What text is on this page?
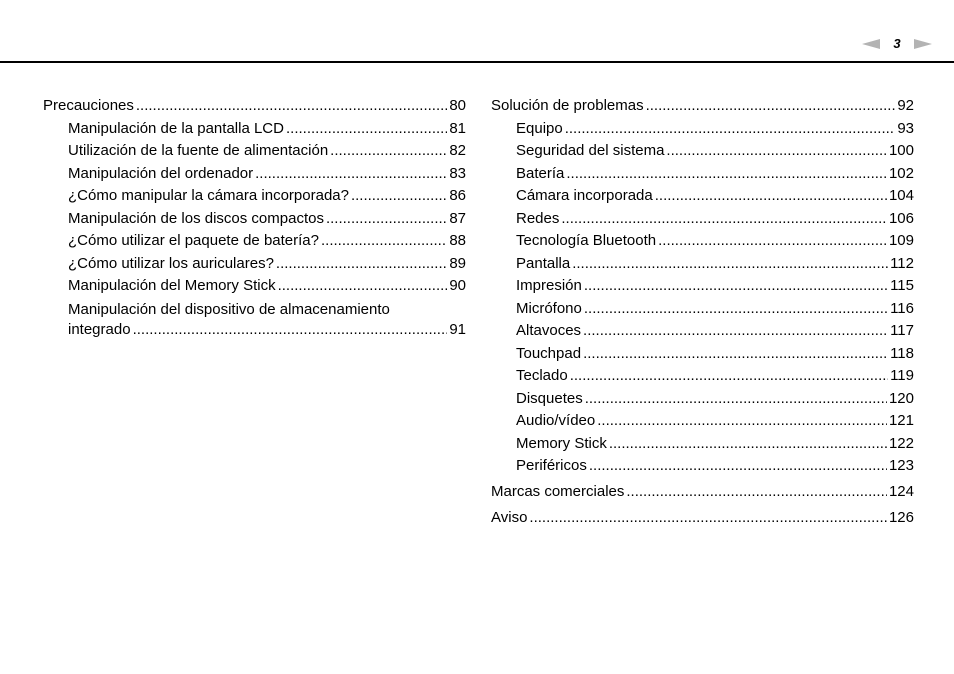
3
Precauciones .....	80
Manipulación de la pantalla LCD .....	81
Utilización de la fuente de alimentación .....	82
Manipulación del ordenador .....	83
¿Cómo manipular la cámara incorporada? .....	86
Manipulación de los discos compactos .....	87
¿Cómo utilizar el paquete de batería? .....	88
¿Cómo utilizar los auriculares? .....	89
Manipulación del Memory Stick .....	90
Manipulación del dispositivo de almacenamiento
integrado .....	91
Solución de problemas .....	92
Equipo .....	93
Seguridad del sistema .....	100
Batería .....	102
Cámara incorporada .....	104
Redes .....	106
Tecnología Bluetooth .....	109
Pantalla .....	112
Impresión .....	115
Micrófono .....	116
Altavoces .....	117
Touchpad .....	118
Teclado .....	119
Disquetes .....	120
Audio/vídeo .....	121
Memory Stick .....	122
Periféricos .....	123
Marcas comerciales .....	124
Aviso .....	126
